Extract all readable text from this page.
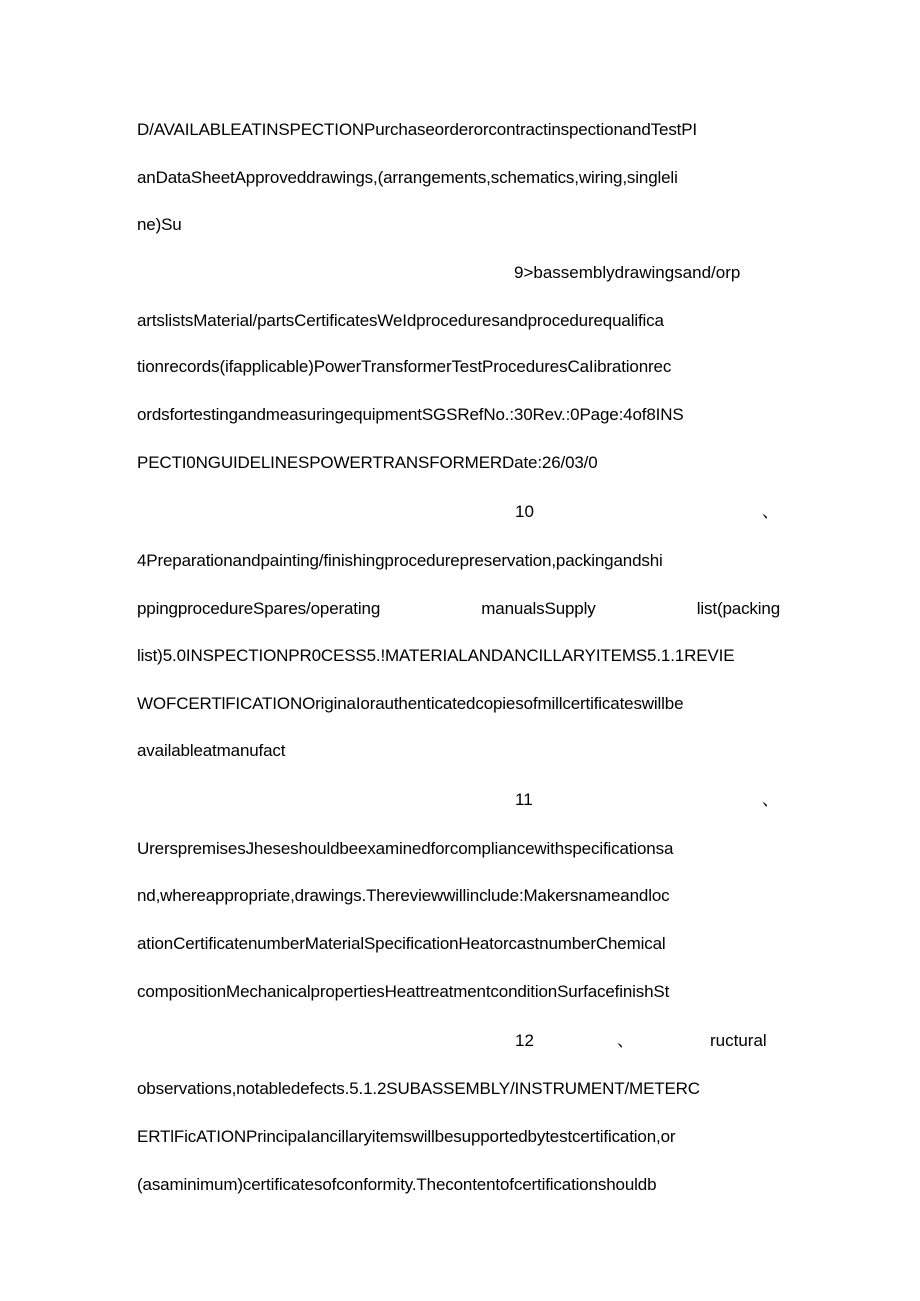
D/AVAILABLEATINSPECTIONPurchaseorderorcontractinspectionandTestPI
anDataSheetApproveddrawings,(arrangements,schematics,wiring,singleli
ne)Su
9>bassemblydrawingsand/orp
artslistsMaterial/partsCertificatesWeIdproceduresandprocedurequalifica
tionrecords(ifapplicable)PowerTransformerTestProceduresCaIibrationrec
ordsfortestingandmeasuringequipmentSGSRefNo.:30Rev.:0Page:4of8INS
PECTI0NGUIDELINESPOWERTRANSFORMERDate:26/03/0
10	、
4Preparationandpainting/finishingprocedurepreservation,packingandshi
ppingprocedureSpares/operating	manualsSupply	list(packing
list)5.0INSPECTIONPR0CESS5.!MATERIALANDANCILLARYITEMS5.1.1REVIE
WOFCERTlFICATIONOriginaIorauthenticatedcopiesofmillcertificateswillbe
availableatmanufact
11	、
UrerspremisesJheseshouldbeexaminedforcompliancewithspecificationsa
nd,whereappropriate,drawings.Thereviewwillinclude:Makersnameandloc
ationCertificatenumberMaterialSpecificationHeatorcastnumberChemical
compositionMechanicalpropertiesHeattreatmentconditionSurfacefinishSt
12	、	ructural
observations,notabledefects.5.1.2SUBASSEMBLY/INSTRUMENT/METERC
ERTlFicATIONPrincipaIancillaryitemswillbesupportedbytestcertification,or
(asaminimum)certificatesofconformity.Thecontentofcertificationshouldb
